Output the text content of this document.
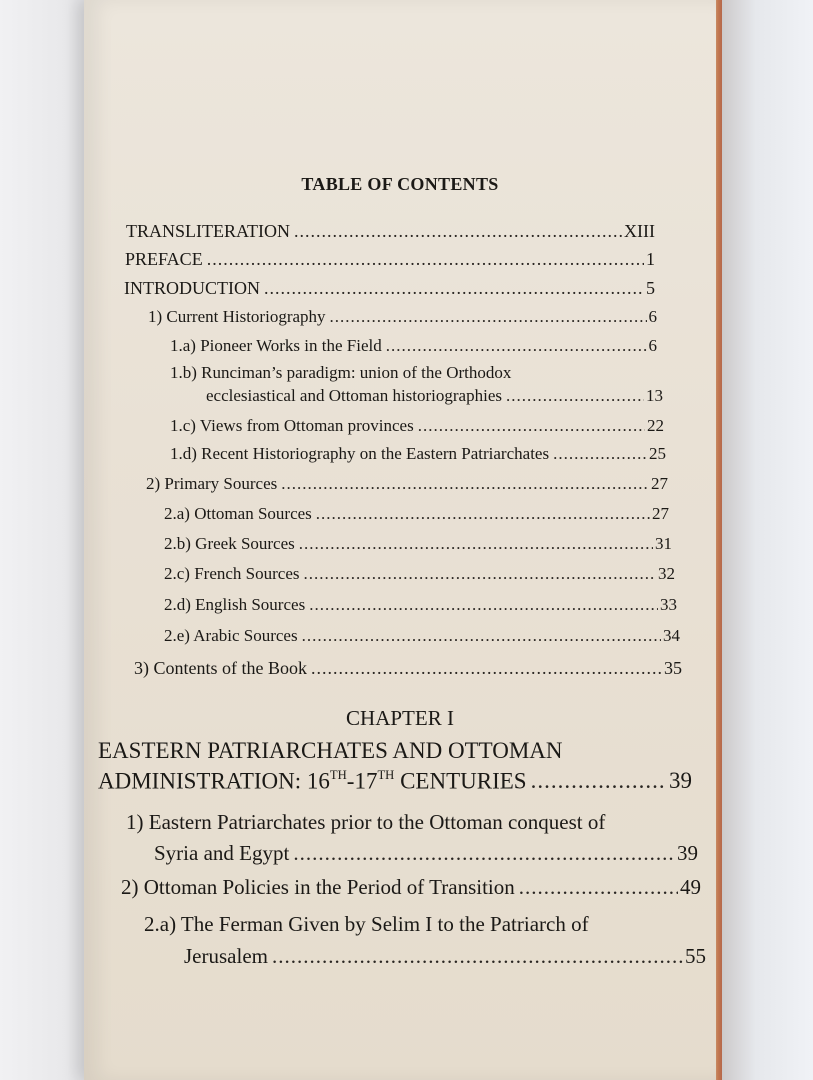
TABLE OF CONTENTS
TRANSLITERATION .....	XIII
PREFACE .....	1
INTRODUCTION .....	5
1) Current Historiography .....	6
1.a) Pioneer Works in the Field .....	6
1.b) Runciman’s paradigm: union of the Orthodox
ecclesiastical and Ottoman historiographies .....	13
1.c) Views from Ottoman provinces .....	22
1.d) Recent Historiography on the Eastern Patriarchates .....	25
2) Primary Sources .....	27
2.a) Ottoman Sources .....	27
2.b) Greek Sources .....	31
2.c) French Sources .....	32
2.d) English Sources .....	33
2.e) Arabic Sources .....	34
3) Contents of the Book .....	35
CHAPTER I
EASTERN PATRIARCHATES AND OTTOMAN
ADMINISTRATION: 16TH-17TH CENTURIES .....	39
1) Eastern Patriarchates prior to the Ottoman conquest of
Syria and Egypt .....	39
2) Ottoman Policies in the Period of Transition .....	49
2.a) The Ferman Given by Selim I to the Patriarch of
Jerusalem .....	55
